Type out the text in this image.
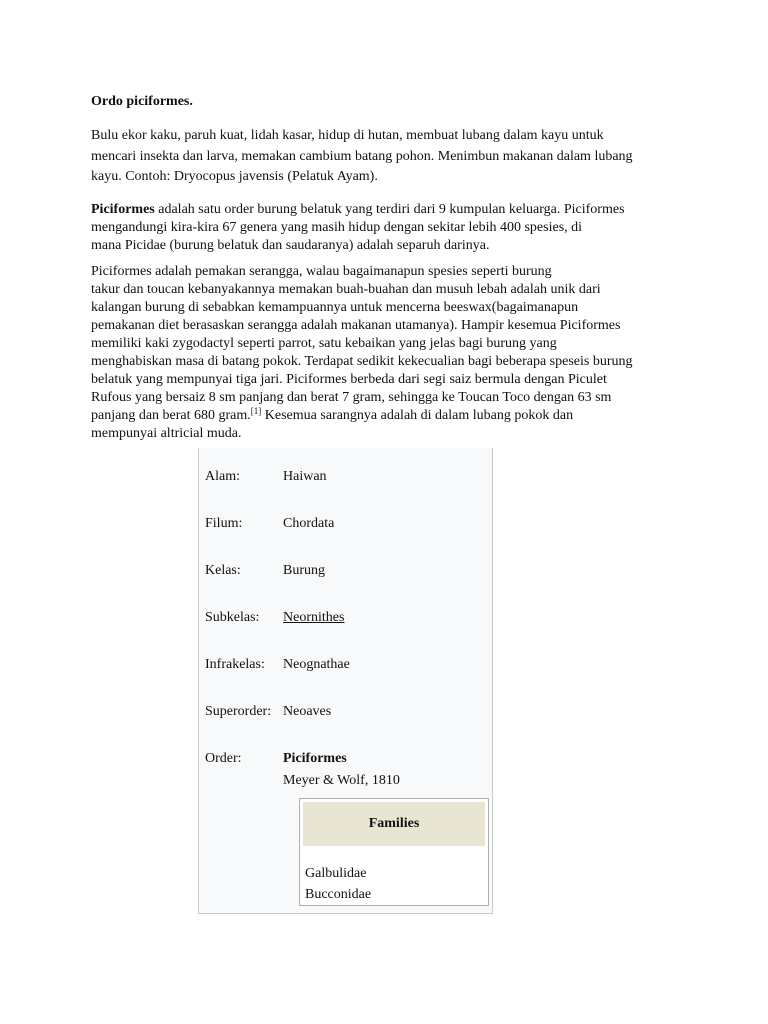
Ordo piciformes.
Bulu ekor kaku, paruh kuat, lidah kasar, hidup di hutan, membuat lubang dalam kayu untuk
mencari insekta dan larva, memakan cambium batang pohon. Menimbun makanan dalam lubang
kayu. Contoh: Dryocopus javensis (Pelatuk Ayam).
Piciformes adalah satu order burung belatuk yang terdiri dari 9 kumpulan keluarga. Piciformes
mengandungi kira-kira 67 genera yang masih hidup dengan sekitar lebih 400 spesies, di
mana Picidae (burung belatuk dan saudaranya) adalah separuh darinya.
Piciformes adalah pemakan serangga, walau bagaimanapun spesies seperti burung
takur dan toucan kebanyakannya memakan buah-buahan dan musuh lebah adalah unik dari
kalangan burung di sebabkan kemampuannya untuk mencerna beeswax(bagaimanapun
pemakanan diet berasaskan serangga adalah makanan utamanya). Hampir kesemua Piciformes
memiliki kaki zygodactyl seperti parrot, satu kebaikan yang jelas bagi burung yang
menghabiskan masa di batang pokok. Terdapat sedikit kekecualian bagi beberapa speseis burung
belatuk yang mempunyai tiga jari. Piciformes berbeda dari segi saiz bermula dengan Piculet
Rufous yang bersaiz 8 sm panjang dan berat 7 gram, sehingga ke Toucan Toco dengan 63 sm
panjang dan berat 680 gram.[1] Kesemua sarangnya adalah di dalam lubang pokok dan
mempunyai altricial muda.
Alam:	Haiwan
Filum:	Chordata
Kelas:	Burung
Subkelas: Neornithes
Infrakelas: Neognathae
Superorder: Neoaves
Order:	Piciformes
Meyer & Wolf, 1810
Families
Galbulidae
Bucconidae
